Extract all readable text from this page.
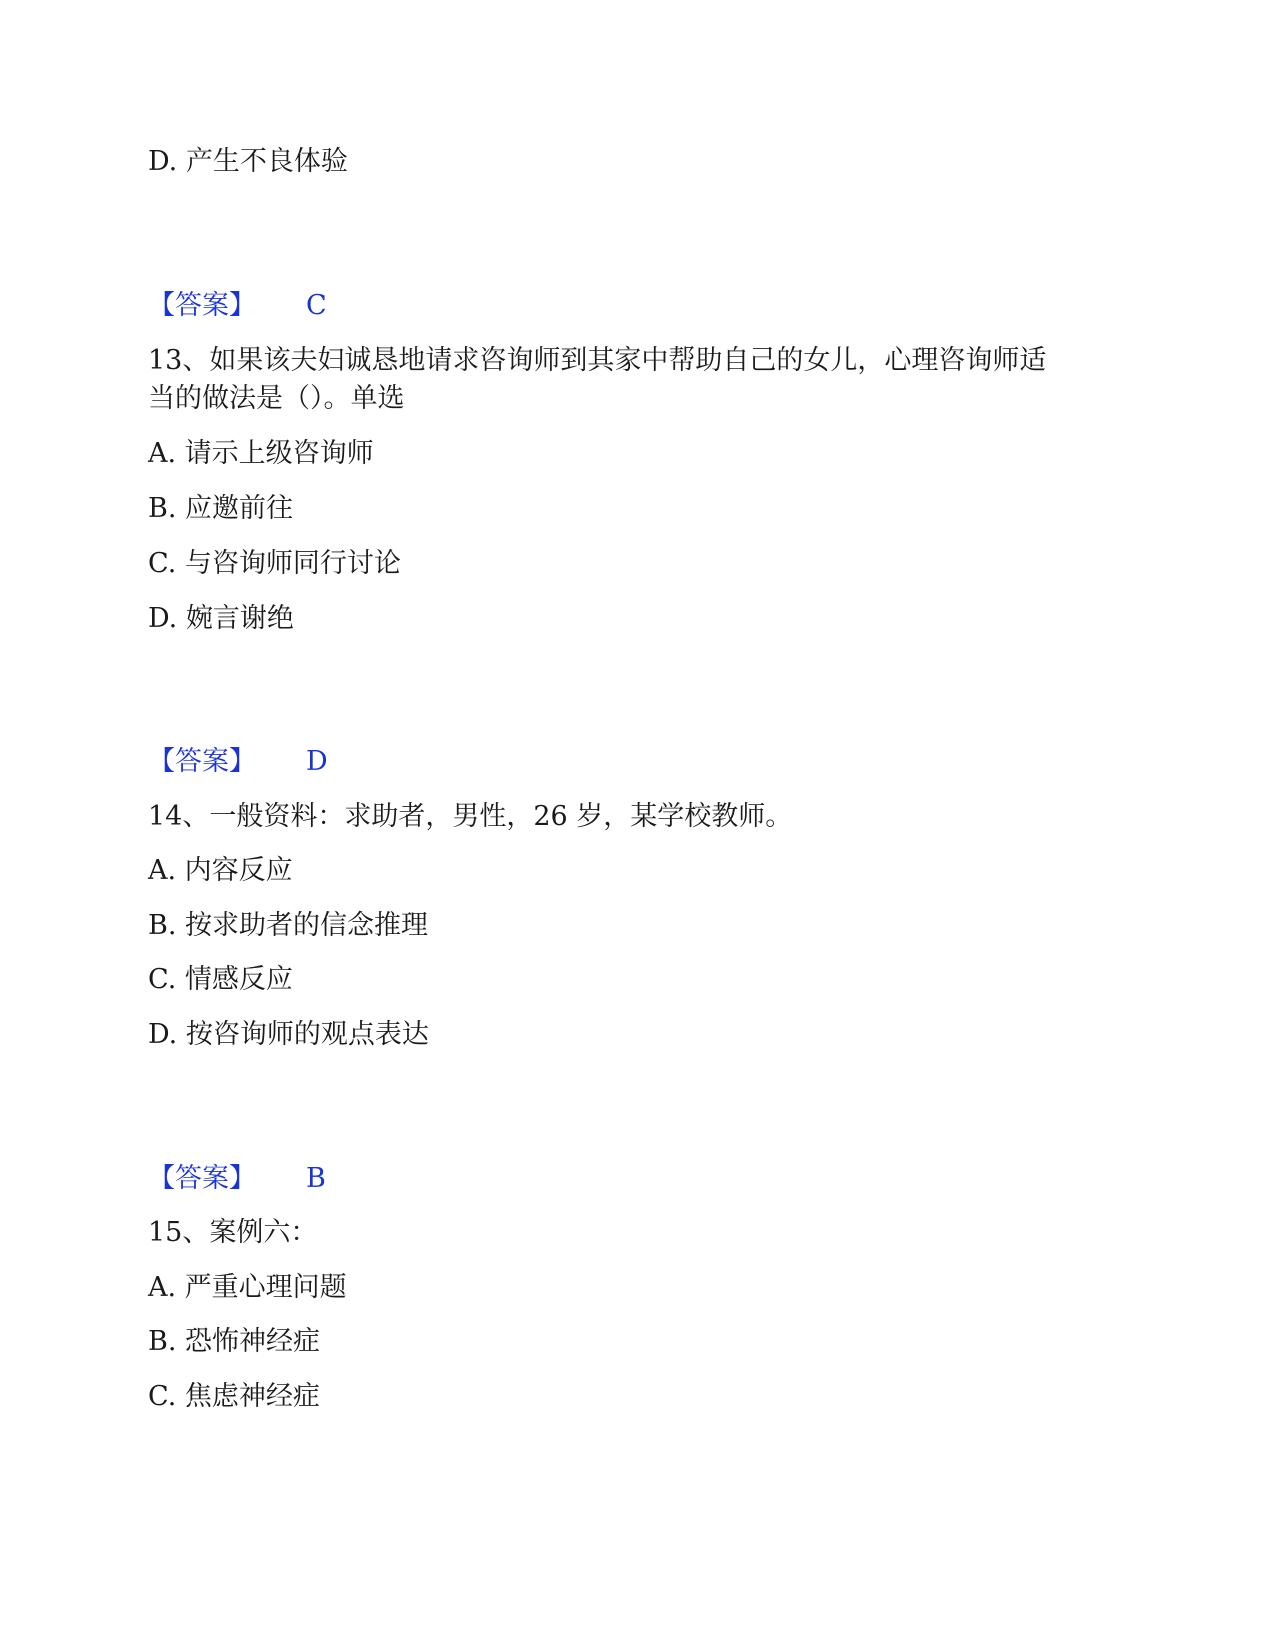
D. 产生不良体验
【答案】 C
13、如果该夫妇诚恳地请求咨询师到其家中帮助自己的女儿，心理咨询师适
当的做法是（）。单选
A. 请示上级咨询师
B. 应邀前往
C. 与咨询师同行讨论
D. 婉言谢绝
【答案】 D
14、一般资料：求助者，男性，26 岁，某学校教师。
A. 内容反应
B. 按求助者的信念推理
C. 情感反应
D. 按咨询师的观点表达
【答案】 B
15、案例六：
A. 严重心理问题
B. 恐怖神经症
C. 焦虑神经症
